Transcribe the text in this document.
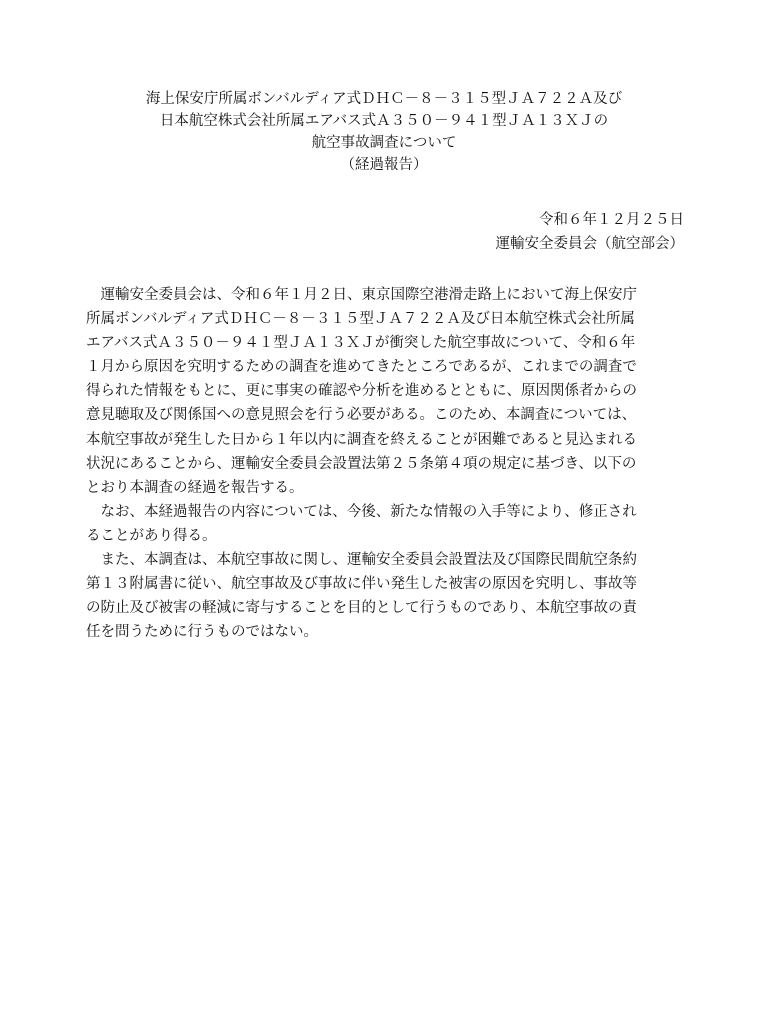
海上保安庁所属ボンバルディア式ＤＨＣ－８－３１５型ＪＡ７２２Ａ及び
日本航空株式会社所属エアバス式Ａ３５０－９４１型ＪＡ１３ＸＪの
航空事故調査について
（経過報告）
令和６年１２月２５日
運輸安全委員会（航空部会）
　運輸安全委員会は、令和６年１月２日、東京国際空港滑走路上において海上保安庁
所属ボンバルディア式ＤＨＣ－８－３１５型ＪＡ７２２Ａ及び日本航空株式会社所属
エアバス式Ａ３５０－９４１型ＪＡ１３ＸＪが衝突した航空事故について、令和６年
１月から原因を究明するための調査を進めてきたところであるが、これまでの調査で
得られた情報をもとに、更に事実の確認や分析を進めるとともに、原因関係者からの
意見聴取及び関係国への意見照会を行う必要がある。このため、本調査については、
本航空事故が発生した日から１年以内に調査を終えることが困難であると見込まれる
状況にあることから、運輸安全委員会設置法第２５条第４項の規定に基づき、以下の
とおり本調査の経過を報告する。
　なお、本経過報告の内容については、今後、新たな情報の入手等により、修正され
ることがあり得る。
　また、本調査は、本航空事故に関し、運輸安全委員会設置法及び国際民間航空条約
第１３附属書に従い、航空事故及び事故に伴い発生した被害の原因を究明し、事故等
の防止及び被害の軽減に寄与することを目的として行うものであり、本航空事故の責
任を問うために行うものではない。
